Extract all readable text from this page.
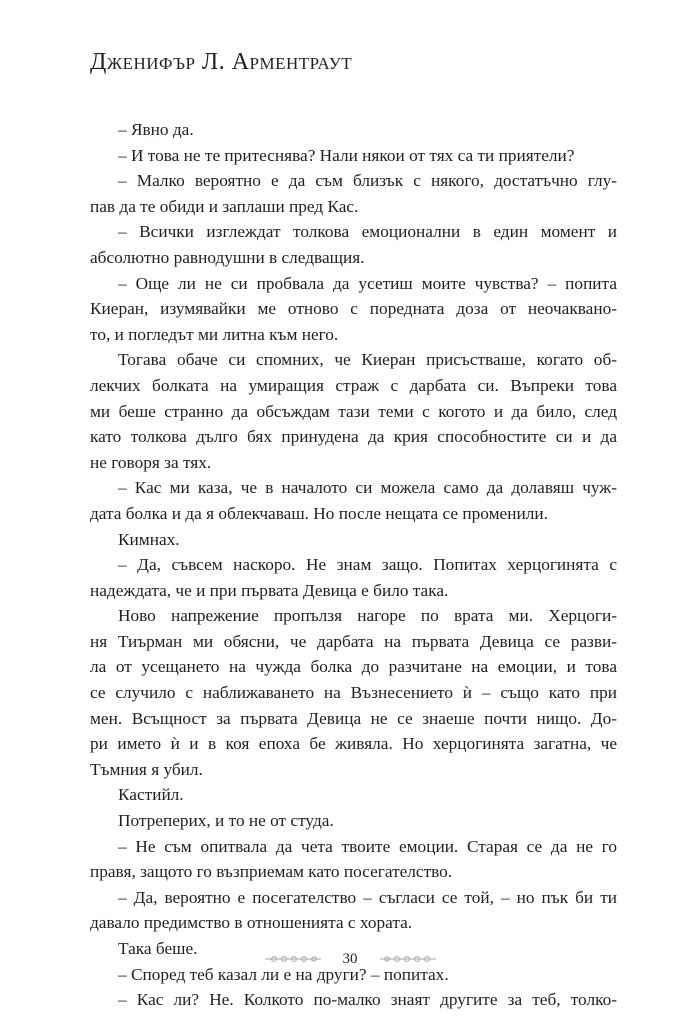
Дженифър Л. Арментраут
– Явно да.
– И това не те притеснява? Нали някои от тях са ти приятели?
– Малко вероятно е да съм близък с някого, достатъчно глу-
пав да те обиди и заплаши пред Кас.
– Всички изглеждат толкова емоционални в един момент и
абсолютно равнодушни в следващия.
– Още ли не си пробвала да усетиш моите чувства? – попита
Киеран, изумявайки ме отново с поредната доза от неочаквано-
то, и погледът ми литна към него.
Тогава обаче си спомних, че Киеран присъстваше, когато об-
лекчих болката на умиращия страж с дарбата си. Въпреки това
ми беше странно да обсъждам тази теми с когото и да било, след
като толкова дълго бях принудена да крия способностите си и да
не говоря за тях.
– Кас ми каза, че в началото си можела само да долавяш чуж-
дата болка и да я облекчаваш. Но после нещата се променили.
Кимнах.
– Да, съвсем наскоро. Не знам защо. Попитах херцогинята с
надеждата, че и при първата Девица е било така.
Ново напрежение пропълзя нагоре по врата ми. Херцоги-
ня Тиърман ми обясни, че дарбата на първата Девица се разви-
ла от усещането на чужда болка до разчитане на емоции, и това
се случило с наближаването на Възнесението ѝ – също като при
мен. Всъщност за първата Девица не се знаеше почти нищо. До-
ри името ѝ и в коя епоха бе живяла. Но херцогинята загатна, че
Тъмния я убил.
Кастийл.
Потреперих, и то не от студа.
– Не съм опитвала да чета твоите емоции. Старая се да не го
правя, защото го възприемам като посегателство.
– Да, вероятно е посегателство – съгласи се той, – но пък би ти
давало предимство в отношенията с хората.
Така беше.
– Според теб казал ли е на други? – попитах.
– Кас ли? Не. Колкото по-малко знаят другите за теб, толко-
30
